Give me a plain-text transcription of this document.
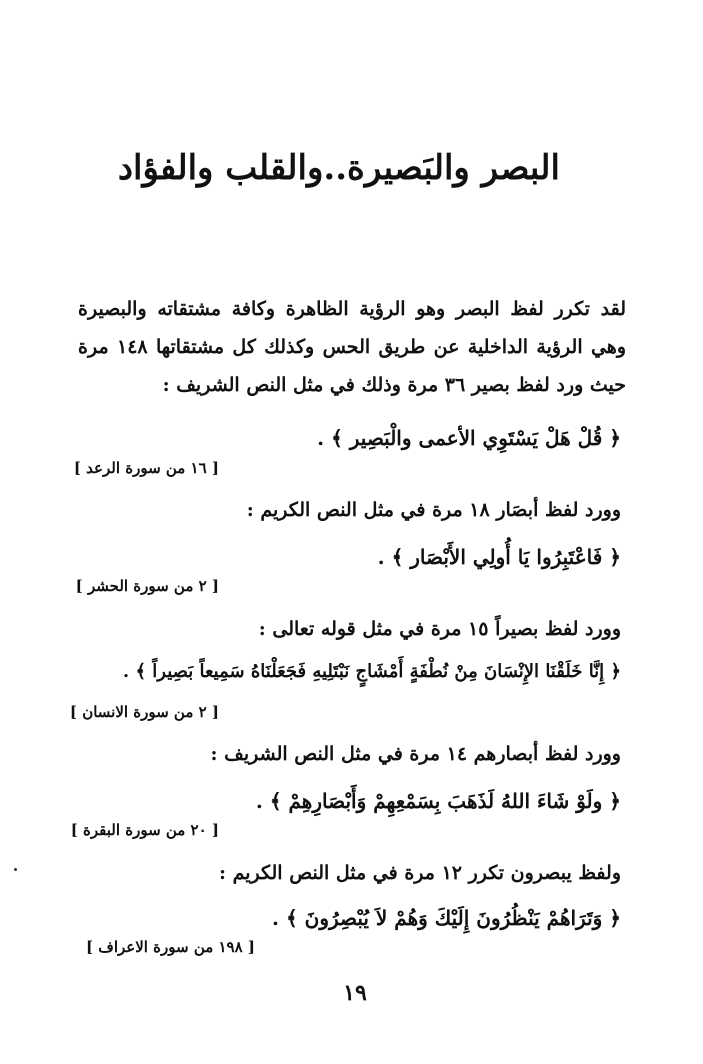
البصر والبَصيرة..والقلب والفؤاد
لقد تكرر لفظ البصر وهو الرؤية الظاهرة وكافة مشتقاته والبصيرة وهي الرؤية الداخلية عن طريق الحس وكذلك كل مشتقاتها ١٤٨ مرة حيث ورد لفظ بصير ٣٦ مرة وذلك في مثل النص الشريف :
﴿ قُلْ هَلْ يَسْتَوِي الأعمى والْبَصِير ﴾ .
[ ١٦ من سورة الرعد ]
وورد لفظ أبصَار ١٨ مرة في مثل النص الكريم :
﴿ فَاعْتَبِرُوا يَا أُولِي الأَبْصَار ﴾ .
[ ٢ من سورة الحشر ]
وورد لفظ بصيراً ١٥ مرة في مثل قوله تعالى :
﴿ إِنَّا خَلَقْنَا الإِنْسَانَ مِنْ نُطْفَةٍ أَمْشَاجٍ نَبْتَلِيهِ فَجَعَلْنَاهُ سَمِيعاً بَصِيراً ﴾ .
[ ٢ من سورة الانسان ]
وورد لفظ أبصارهم ١٤ مرة في مثل النص الشريف :
﴿ ولَوْ شَاءَ اللهُ لَذَهَبَ بِسَمْعِهِمْ وَأَبْصَارِهِمْ ﴾ .
[ ٢٠ من سورة البقرة ]
ولفظ يبصرون تكرر ١٢ مرة في مثل النص الكريم :
﴿ وَتَرَاهُمْ يَنْظُرُونَ إِلَيْكَ وَهُمْ لاَ يُبْصِرُونَ ﴾ .
[ ١٩٨ من سورة الاعراف ]
١٩
